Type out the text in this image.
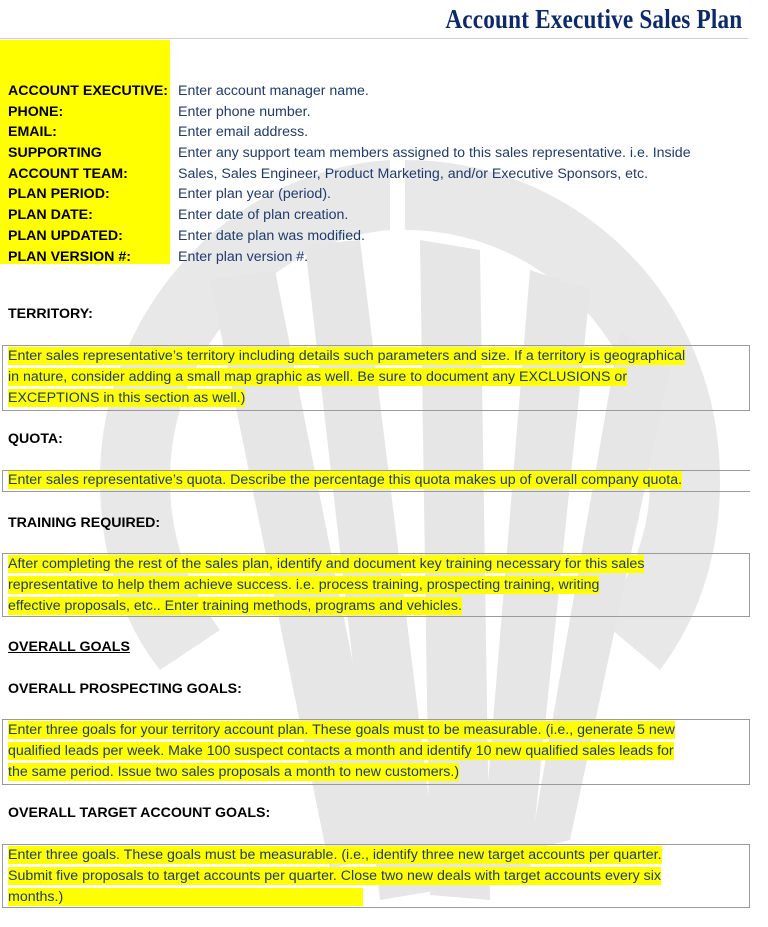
Account Executive Sales Plan
ACCOUNT EXECUTIVE: Enter account manager name.
PHONE:	Enter phone number.
EMAIL:	Enter email address.
SUPPORTING	Enter any support team members assigned to this sales representative. i.e. Inside
ACCOUNT TEAM:	Sales, Sales Engineer, Product Marketing, and/or Executive Sponsors, etc.
PLAN PERIOD:	Enter plan year (period).
PLAN DATE:	Enter date of plan creation.
PLAN UPDATED:	Enter date plan was modified.
PLAN VERSION #:	Enter plan version #.
TERRITORY:
Enter sales representative’s territory including details such parameters and size. If a territory is geographical
in nature, consider adding a small map graphic as well. Be sure to document any EXCLUSIONS or
EXCEPTIONS in this section as well.)
QUOTA:
Enter sales representative’s quota. Describe the percentage this quota makes up of overall company quota.
TRAINING REQUIRED:
After completing the rest of the sales plan, identify and document key training necessary for this sales
representative to help them achieve success. i.e. process training, prospecting training, writing
effective proposals, etc.. Enter training methods, programs and vehicles.
OVERALL GOALS
OVERALL PROSPECTING GOALS:
Enter three goals for your territory account plan. These goals must to be measurable. (i.e., generate 5 new
qualified leads per week. Make 100 suspect contacts a month and identify 10 new qualified sales leads for
the same period. Issue two sales proposals a month to new customers.)
OVERALL TARGET ACCOUNT GOALS:
Enter three goals. These goals must be measurable. (i.e., identify three new target accounts per quarter.
Submit five proposals to target accounts per quarter. Close two new deals with target accounts every six
months.)
